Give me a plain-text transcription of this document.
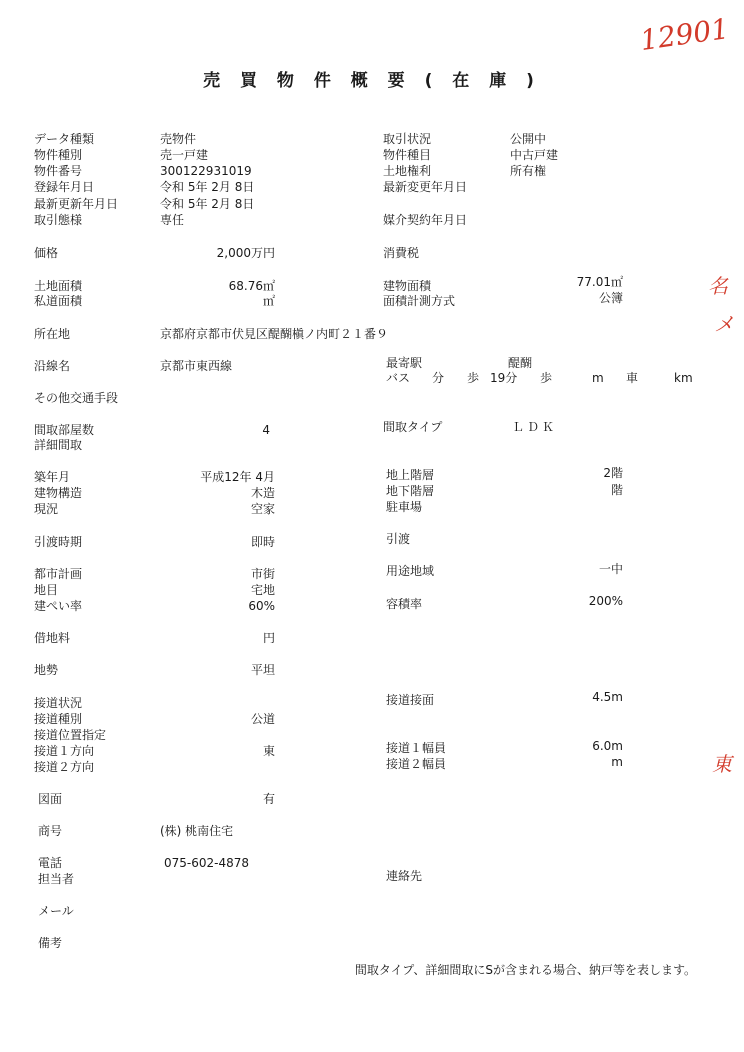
売 買 物 件 概 要 ( 在 庫 )
12901
名
メ
東
データ種類
物件種別
物件番号
登録年月日
最新更新年月日
取引態様
価格
土地面積
私道面積
所在地
沿線名
その他交通手段
間取部屋数
詳細間取
築年月
建物構造
現況
引渡時期
都市計画
地目
建ぺい率
借地料
地勢
接道状況
接道種別
接道位置指定
接道１方向
接道２方向
図面
商号
電話
担当者
メール
備考
売物件
売一戸建
300122931019
令和 5年 2月 8日
令和 5年 2月 8日
専任
京都府京都市伏見区醍醐槇ノ内町２１番９
京都市東西線
(株) 桃南住宅
075-602-4878
2,000万円
68.76㎡
㎡
4
平成12年 4月
木造
空家
即時
市街
宅地
60%
円
平坦
公道
東
有
取引状況
物件種目
土地権利
最新変更年月日
媒介契約年月日
消費税
建物面積
面積計測方式
最寄駅
バス
間取タイプ
地上階層
地下階層
駐車場
引渡
用途地域
容積率
接道接面
接道１幅員
接道２幅員
連絡先
公開中
中古戸建
所有権
醍醐
ＬＤＫ
分 歩 19分 歩	m 車	km
77.01㎡
公簿
2階
階
一中
200%
4.5m
6.0m
m
間取タイプ、詳細間取にSが含まれる場合、納戸等を表します。
